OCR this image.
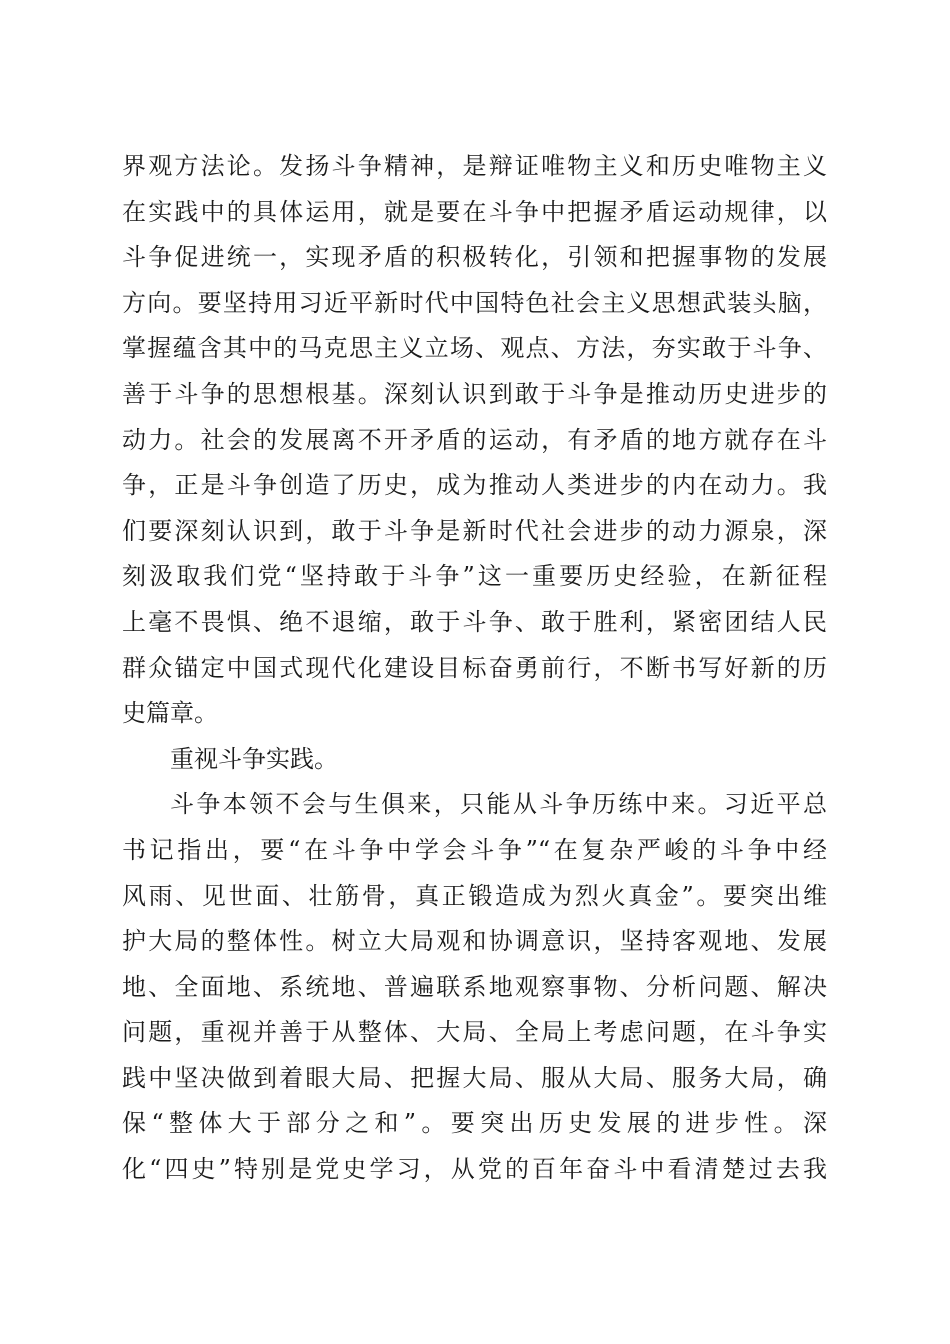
界观方法论。发扬斗争精神，是辩证唯物主义和历史唯物主义
在实践中的具体运用，就是要在斗争中把握矛盾运动规律，以
斗争促进统一，实现矛盾的积极转化，引领和把握事物的发展
方向。要坚持用习近平新时代中国特色社会主义思想武装头脑，
掌握蕴含其中的马克思主义立场、观点、方法，夯实敢于斗争、
善于斗争的思想根基。深刻认识到敢于斗争是推动历史进步的
动力。社会的发展离不开矛盾的运动，有矛盾的地方就存在斗
争，正是斗争创造了历史，成为推动人类进步的内在动力。我
们要深刻认识到，敢于斗争是新时代社会进步的动力源泉，深
刻汲取我们党“坚持敢于斗争”这一重要历史经验，在新征程
上毫不畏惧、绝不退缩，敢于斗争、敢于胜利，紧密团结人民
群众锚定中国式现代化建设目标奋勇前行，不断书写好新的历
史篇章。
重视斗争实践。
斗争本领不会与生俱来，只能从斗争历练中来。习近平总
书记指出，要“在斗争中学会斗争”“在复杂严峻的斗争中经
风雨、见世面、壮筋骨，真正锻造成为烈火真金”。要突出维
护大局的整体性。树立大局观和协调意识，坚持客观地、发展
地、全面地、系统地、普遍联系地观察事物、分析问题、解决
问题，重视并善于从整体、大局、全局上考虑问题，在斗争实
践中坚决做到着眼大局、把握大局、服从大局、服务大局，确
保“整体大于部分之和”。要突出历史发展的进步性。深
化“四史”特别是党史学习，从党的百年奋斗中看清楚过去我
